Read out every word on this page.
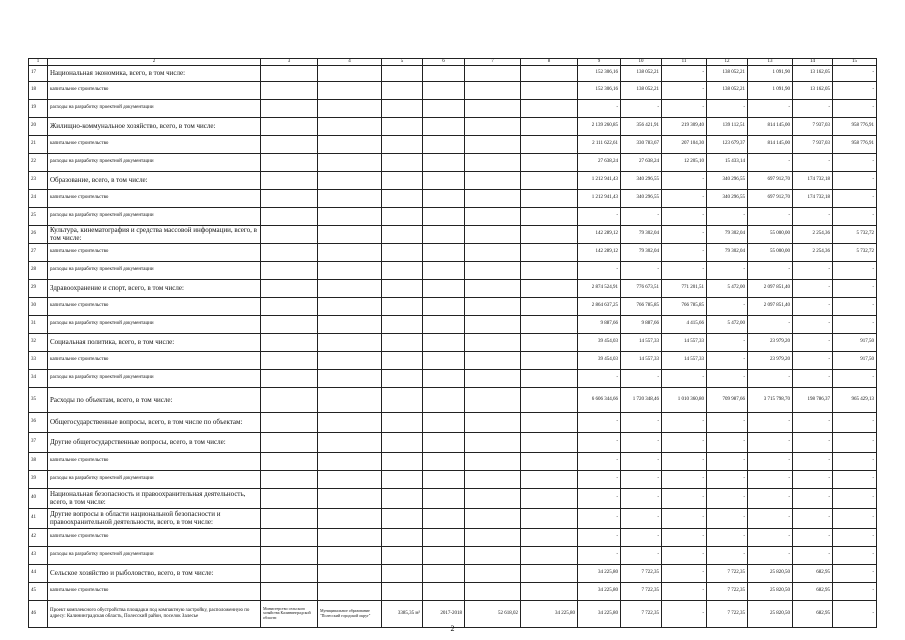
1	2	3	4	5	6	7	8	9	10	11	12	13	14	15
17	Национальная экономика, всего, в том числе:							152 306,16	138 052,21	-	138 052,21	1 091,90	13 162,05	-
18	капитальное строительство							152 306,16	138 052,21	-	138 052,21	1 091,90	13 162,05	-
19	расходы на разработку проектной документации							-	-	-	-	-	-	-
20	Жилищно-коммунальное хозяйство, всего, в том числе:							2 139 260,85	356 421,91	219 309,40	139 112,51	814 145,00	7 937,03	958 776,91
21	капитальное строительство							2 111 622,61	330 783,67	207 104,30	123 679,37	814 145,00	7 937,03	958 776,91
22	расходы на разработку проектной документации							27 638,24	27 638,24	12 205,10	15 433,14	-	-	-
23	Образование, всего, в том числе:							1 212 941,43	340 296,55	-	340 296,55	697 912,70	174 732,18	-
24	капитальное строительство							1 212 941,43	340 296,55	-	340 296,55	697 912,70	174 732,18	-
25	расходы на разработку проектной документации							-	-	-	-	-	-	-
26	Культура, кинематография и средства массовой информации, всего, в том числе:							142 289,12	79 302,04	-	79 302,04	55 000,00	2 254,36	5 732,72
27	капитальное строительство							142 289,12	79 302,04	-	79 302,04	55 000,00	2 254,36	5 732,72
28	расходы на разработку проектной документации							-	-	-	-	-	-	-
29	Здравоохранение и спорт, всего, в том числе:							2 874 524,91	776 673,51	771 201,51	5 472,00	2 097 851,40	-	-
30	капитальное строительство							2 864 637,25	766 785,85	766 785,85	-	2 097 851,40	-	-
31	расходы на разработку проектной документации							9 887,66	9 887,66	4 415,66	5 472,00	-	-	-
32	Социальная политика, всего, в том числе:							39 454,03	14 557,33	14 557,33	-	23 979,20	-	917,50
33	капитальное строительство							39 454,03	14 557,33	14 557,33	-	23 979,20	-	917,50
34	расходы на разработку проектной документации							-	-	-	-	-	-	-
35	Расходы по объектам, всего, в том числе:							6 606 344,66	1 720 348,46	1 010 360,80	709 987,66	3 715 798,70	198 786,37	965 429,13
36	Общегосударственные вопросы, всего, в том числе по объектам:							-	-	-	-	-	-	-
37	Другие общегосударственные вопросы, всего, в том числе:							-	-	-	-	-	-	-
38	капитальное строительство							-	-	-	-	-	-	-
39	расходы на разработку проектной документации							-	-	-	-	-	-	-
40	Национальная безопасность и правоохранительная деятельность, всего, в том числе:							-	-	-	-	-	-	-
41	Другие вопросы в области национальной безопасности и правоохранительной деятельности, всего, в том числе:							-	-	-	-	-	-	-
42	капитальное строительство							-	-	-	-	-	-	-
43	расходы на разработку проектной документации							-	-	-	-	-	-	-
44	Сельское хозяйство и рыболовство, всего, в том числе:							34 225,80	7 722,35	-	7 722,35	25 820,50	682,95	-
45	капитальное строительство							34 225,80	7 722,35	-	7 722,35	25 820,50	682,95	-
46	Проект комплексного обустройства площадки под компактную застройку, расположенную по адресу: Калининградская область, Полесский район, поселок Залесье	Министерство сельского хозяйства Калининградской области	Муниципальное образование "Полесский городской округ"	3385,35 м²	2017-2018	52 618,02	34 225,80	34 225,80	7 722,35	-	7 722,35	25 820,50	682,95	-
2
